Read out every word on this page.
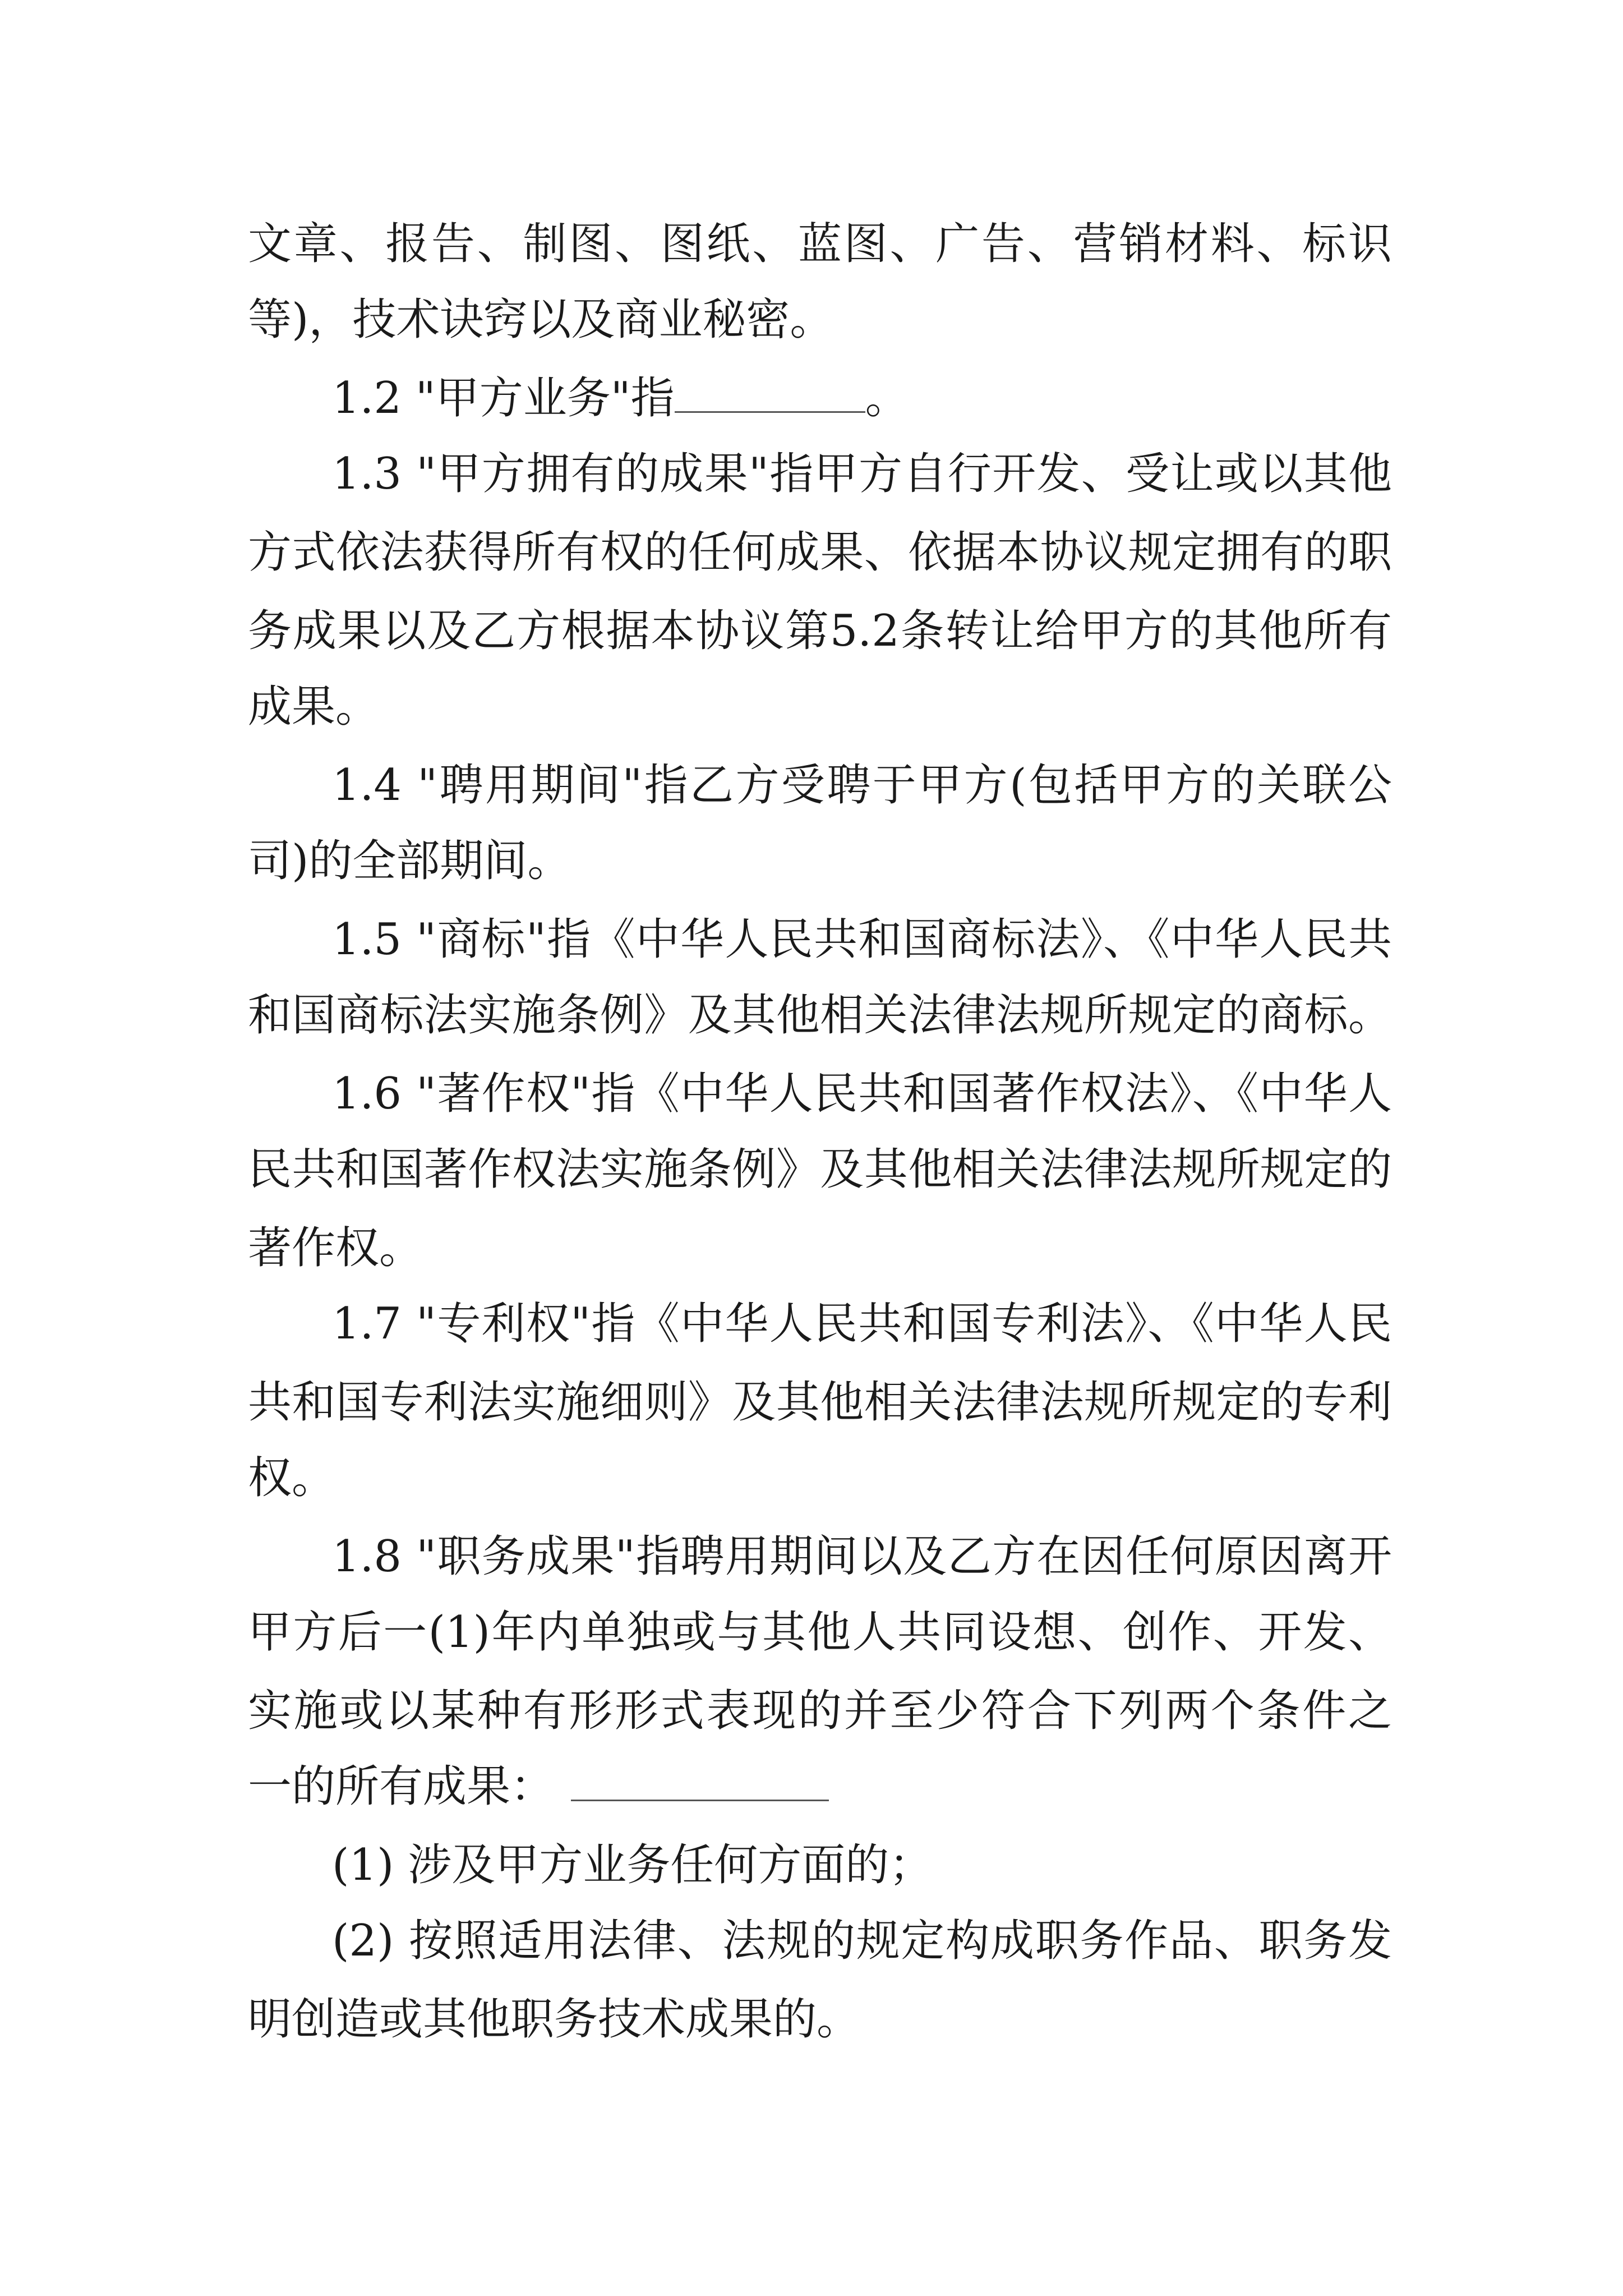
文章、报告、制图、图纸、蓝图、广告、营销材料、标识
等)，技术诀窍以及商业秘密。
1.2 "甲方业务"指	。
1.3 "甲方拥有的成果"指甲方自行开发、受让或以其他
方式依法获得所有权的任何成果、依据本协议规定拥有的职
务成果以及乙方根据本协议第5.2条转让给甲方的其他所有
成果。
1.4 "聘用期间"指乙方受聘于甲方(包括甲方的关联公
司)的全部期间。
1.5 "商标"指《中华人民共和国商标法》、《中华人民共
和国商标法实施条例》及其他相关法律法规所规定的商标。
1.6 "著作权"指《中华人民共和国著作权法》、《中华人
民共和国著作权法实施条例》及其他相关法律法规所规定的
著作权。
1.7 "专利权"指《中华人民共和国专利法》、《中华人民
共和国专利法实施细则》及其他相关法律法规所规定的专利
权。
1.8 "职务成果"指聘用期间以及乙方在因任何原因离开
甲方后一(1)年内单独或与其他人共同设想、创作、开发、
实施或以某种有形形式表现的并至少符合下列两个条件之
一的所有成果：
(1) 涉及甲方业务任何方面的；
(2) 按照适用法律、法规的规定构成职务作品、职务发
明创造或其他职务技术成果的。
